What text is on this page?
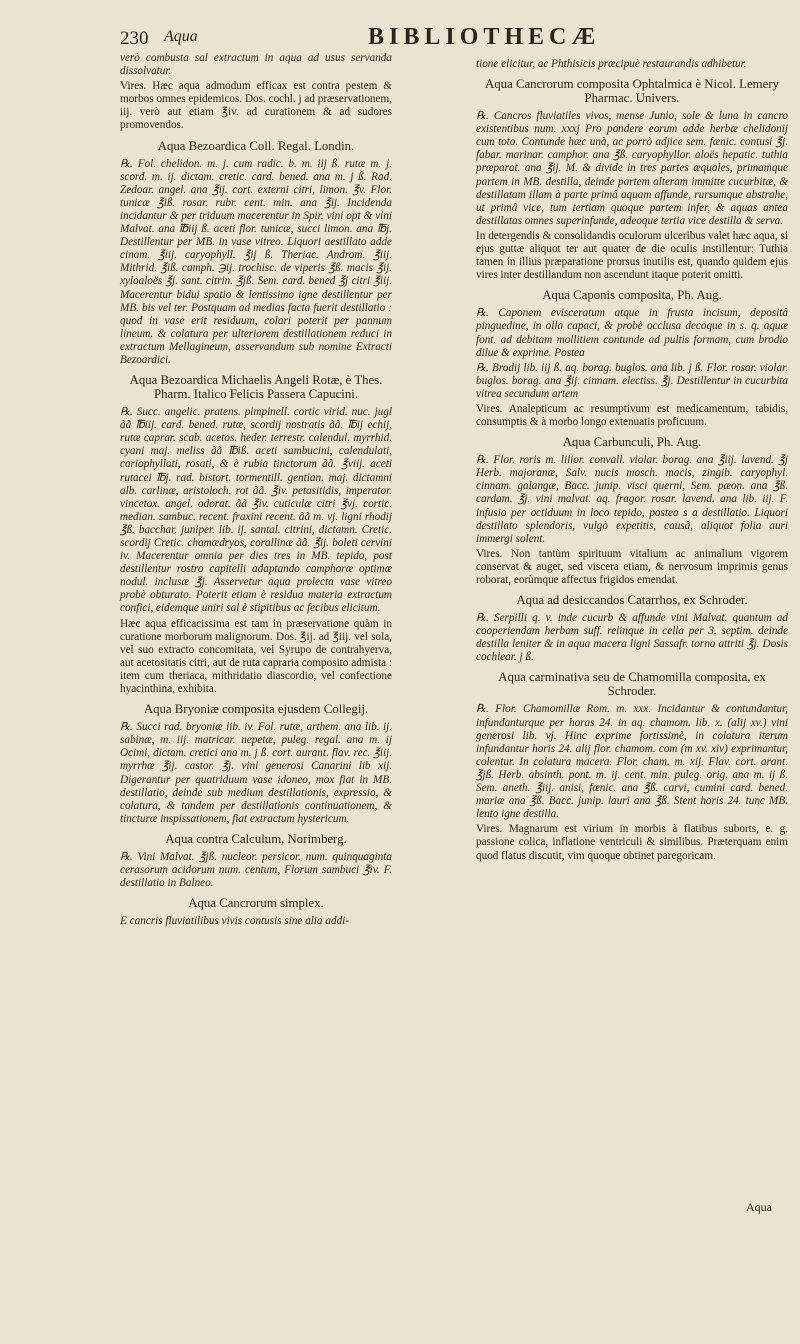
230 Aqua	BIBLIOTHECÆ

verò combusta sal extractum in aqua ad usus servanda dissolvatur.

Vires. Hæc aqua admodum efficax est contra pestem & morbos omnes epidemicos. Dos. cochl. j ad præservationem, iij. verò aut etiam ℥iv. ad curationem & ad sudores promovendos.

Aqua Bezoardica Coll. Regal. Londin.

℞. Fol. chelidon. m. j. cum radic. b. m. iij ß. rutæ m. j. scord. m. ij. dictam. cretic. card. bened. ana m. j ß. Rad. Zedoar. angel. ana ℥ij. cort. externi citri, limon. ℥v. Flor. tunicæ ℥iß. rosar. rubr. cent. min. ana ℥ij. Incidenda incidantur & per triduum macerentur in Spir. vini opt & vini Malvat. ana ℔iij ß. aceti flor. tunicæ, succi limon. ana ℔j. Destillentur per MB. in vase vitreo. Liquori aestillato adde cinam. ℥iij. caryophyll. ℥ij ß. Theriac. Androm. ℥iij. Mithrid. ℥iß. camph. ℈ij. trochisc. de viperis ℥ß. macis ℥ij. xyloaloës ℥j. sant. citrin. ℥jß. Sem. card. bened ℥j citri ℥iij. Macerentur bidui spatio & lentissimo igne destillentur per MB. bis vel ter. Postquam ad medias facta fuerit destillatio : quod in vase erit residuum, colari poterit per pannum lineum. & colatura per ulteriorem destillationem reduci in extractum Mellagineum, asservandum sub nomine Extracti Bezoardici.

Aqua Bezoardica Michaelis Angeli Rotæ, è Thes. Pharm. Italico Felicis Passera Capucini.

℞. Succ. angelic. pratens. pimpinell. cortic virid. nuc. jugl ãã ℔iij. card. bened. rutæ, scordij nostratis ãã. ℔ij echij, rutæ caprar. scab. acetos. heder. terrestr. calendul. myrrhid. cyani maj. meliss ãã ℔iß. aceti sambucini, calendulati, cariophyllati, rosati, & è rubia tinctorum ãã. ℥viij. aceti rutacei ℔j. rad. bistort. tormentill. gentian. maj. dictamni alb. carlinæ, aristoloch. rot ãã. ℥iv. petasitidis, imperator. vincetox. angel. odorat. ãã ℥iv. cuticulæ citri ℥vj. cortic. median. sambuc. recent. fraxini recent. ãã m. vj. ligni rhodij ℥ß. bacchar. juniper. lib. ij. santal. citrini, dictamn. Cretic. scordij Cretic. chamædryos, corallinæ ãã. ℥ij. boleti cervini iv. Macerentur omnia per dies tres in MB. tepido, post destillentur rostro capitelli adaptando camphoræ optimæ nodul. inclusæ ℥j. Asservetur aqua prolecta vase vitreo probè obturato. Poterit etiam è residua materia extractum confici, eidemque uniri sal è stipitibus ac fecibus elicitum.

Hæc aqua efficacissima est tam in præservatione quàm in curatione morborum malignorum. Dos. ℥ij. ad ℥iij. vel sola, vel suo extracto concomitata, vel Syrupo de contrahyerva, aut acetositatis citri, aut de ruta capraria composito admista : item cum theriaca, mithridatio diascordio, vel confectione hyacinthina, exhibita.

Aqua Bryoniæ composita ejusdem Collegij.

℞. Succi rad. bryoniæ lib. iv. Fol. rutæ, arthem. ana lib. ij. sabinæ, m. iij. matricar. nepetæ, puleg. regal. ana m. ij Ocimi, dictam. cretici ana m. j ß. cort. aurant. flav. rec. ℥iij. myrrhæ ℥ij. castor. ℥j. vini generosi Canarini lib xij. Digerantur per quatriduum vase idoneo, mox fiat in MB. destillatio, deinde sub medium destillationis, expressio, & colatura, & tandem per destillationis continuationem, & tincturæ inspissationem, fiat extractum hystericum.

Aqua contra Calculum, Norimberg.

℞. Vini Malvat. ℥jß. nucleor. persicor. num. quinquaginta cerasorum acidorum num. centum, Florum sambuci ℥iv. F. destillatio in Balneo.

Aqua Cancrorum simplex.

E cancris fluviatilibus vivis contusis sine alia addi-

tione elicitur, ac Phthisicis præcipuè restaurandis adhibetur.

Aqua Cancrorum composita Ophtalmica è Nicol. Lemery Pharmac. Univers.

℞. Cancros fluviatiles vivos, mense Junio, sole & luna in cancro existentibus num. xxxj Pro pondere eorum adde herbæ chelidonij cum toto. Contunde hæc unà, ac porrò adjice sem. fænic. contusi ℥j. fabar. marinar. camphor. ana ℥ß. caryophyllor. aloës hepatic. tuthia præparat. ana ℥ij. M. & divide in tres partes æquales, primamque partem in MB. destilla, deinde partem alteram immitte cucurbitæ, & destillatam illam à parte primâ aquam affunde, rursumque abstrahe, ut primâ vice, tum tertiam quoque partem infer, & aquas antea destillatas omnes superinfunde, adeoque tertia vice destilla & serva.

In detergendis & consolidandis oculorum ulceribus valet hæc aqua, si ejus guttæ aliquot ter aut quater de die oculis instillentur: Tuthia tamen in illius præparatione prorsus inutilis est, quando quidem ejus vires inter destillandum non ascendunt itaque poterit omitti.

Aqua Caponis composita, Ph. Aug.

℞. Caponem evisceratum atque in frusta incisum, depositâ pinguedine, in olla capaci, & probè occlusa decoque in s. q. aquæ font. ad debitam mollitiem contunde ad pultis formam, cum brodio dilue & exprime. Postea

℞. Brodij lib. iij ß. aq. borag. buglos. ana lib. j ß. Flor. rosar. violar. buglos. borag. ana ℥ij. cinnam. electiss. ℥j. Destillentur in cucurbita vitrea secundum artem

Vires. Analepticum ac resumptivum est medicamentum, tabidis, consumptis & à morbo longo extenuatis proficuum.

Aqua Carbunculi, Ph. Aug.

℞. Flor. roris m. lilior. convall. violar. borag. ana ℥iij. lavend. ℥j Herb. majoranæ, Salv. nucis mosch. macis, zingib. caryophyl. cinnam. galangæ, Bacc. junip. visci querni, Sem. pæon. ana ℥ß. cardam. ℥j. vini malvat. aq. fragor. rosar. lavend. ana lib. iij. F. infusio per octiduum in loco tepido, postea s a destillatio. Liquori destillato splendoris, vulgò expetitis, causâ, aliquot folia auri immergi solent.

Vires. Non tantùm spirituum vitalium ac animalium vigorem conservat & auget, sed viscera etiam, & nervosum imprimis genus roborat, eorùmque affectus frigidos emendat.

Aqua ad desiccandos Catarrhos, ex Schroder.

℞. Serpilli q. v. inde cucurb & affunde vini Malvat. quantum ad cooperiendam herbam suff. relinque in cella per 3. septim. deinde destilla leniter & in aqua macera ligni Sassafr. torno attriti ℥j. Dosis cochlear. j ß.

Aqua carminativa seu de Chamomilla composita, ex Schroder.

℞. Flor. Chamomillæ Rom. m. xxx. Incidantur & contundantur, infundanturque per horas 24. in aq. chamom. lib. x. (alij xv.) vini generosi lib. vj. Hinc exprime fortissimè, in colatura iterum infundantur horis 24. alij flor. chamom. com (m xv. xiv) exprimantur, colentur. In colatura macera. Flor. cham. m. xij. Flav. cort. arant. ℥jß. Herb. absinth. pont. m. ij. cent. min. puleg. orig. ana m. ij ß. Sem. aneth. ℥iij. anisi, fœnic. ana ℥ß. carvi, cumini card. bened. mariæ ana ℥ß. Bacc. junip. lauri ana ℥ß. Stent horis 24. tunc MB. lento igne destilla.

Vires. Magnarum est virium in morbis à flatibus suborts, e. g. passione colica, inflatione ventriculi & similibus. Præterquam enim quod flatus discutit, vim quoque obtinet paregoricam.

Aqua
